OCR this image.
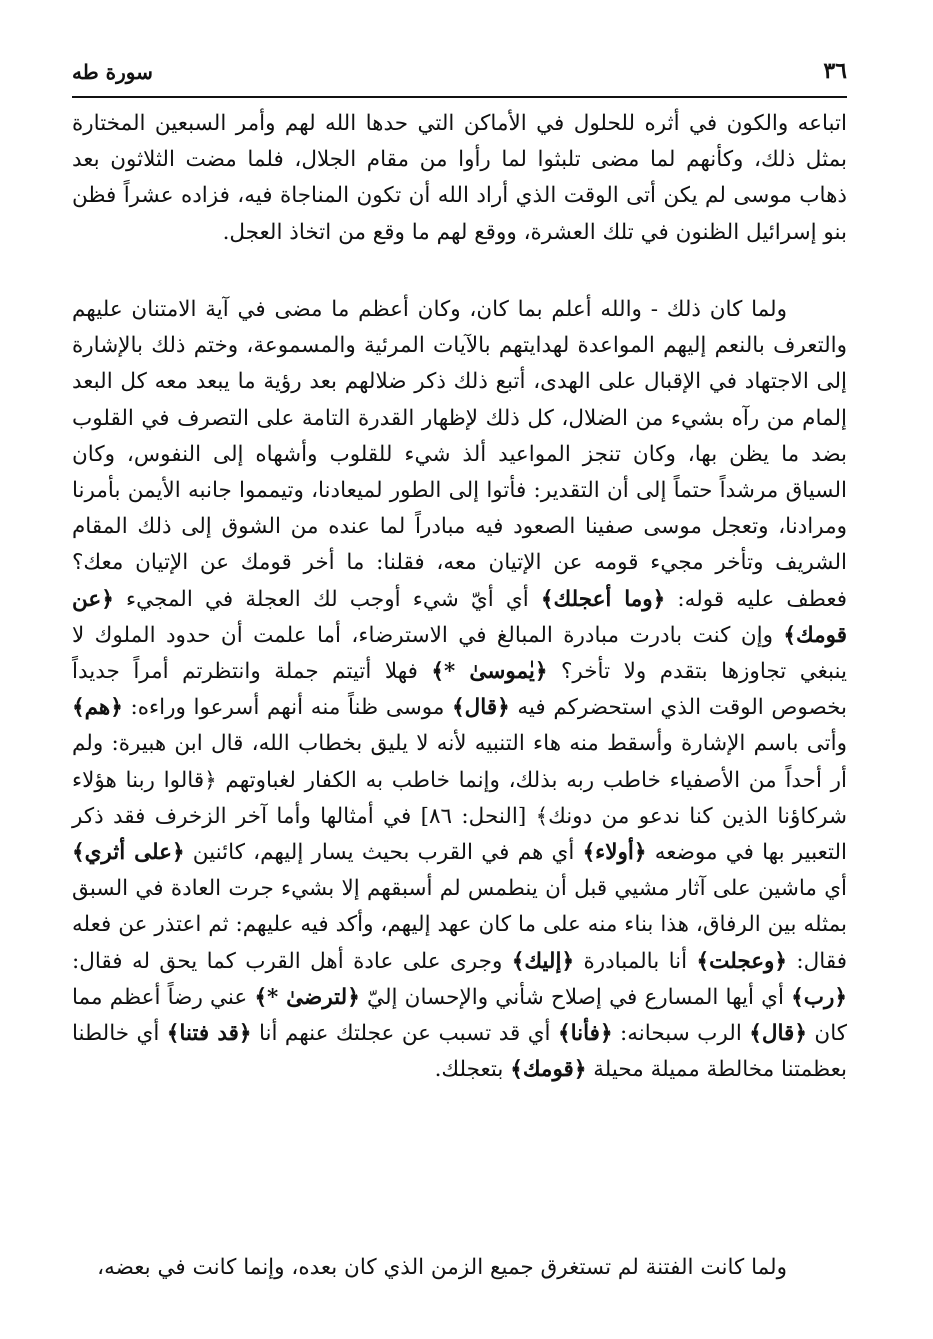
٣٦
سورة طه
اتباعه والكون في أثره للحلول في الأماكن التي حدها الله لهم وأمر السبعين المختارة بمثل ذلك، وكأنهم لما مضى تلبثوا لما رأوا من مقام الجلال، فلما مضت الثلاثون بعد ذهاب موسى لم يكن أتى الوقت الذي أراد الله أن تكون المناجاة فيه، فزاده عشراً فظن بنو إسرائيل الظنون في تلك العشرة، ووقع لهم ما وقع من اتخاذ العجل.
ولما كان ذلك - والله أعلم بما كان، وكان أعظم ما مضى في آية الامتنان عليهم والتعرف بالنعم إليهم المواعدة لهدايتهم بالآيات المرئية والمسموعة، وختم ذلك بالإشارة إلى الاجتهاد في الإقبال على الهدى، أتبع ذلك ذكر ضلالهم بعد رؤية ما يبعد معه كل البعد إلمام من رآه بشيء من الضلال، كل ذلك لإظهار القدرة التامة على التصرف في القلوب بضد ما يظن بها، وكان تنجز المواعيد ألذ شيء للقلوب وأشهاه إلى النفوس، وكان السياق مرشداً حتماً إلى أن التقدير: فأتوا إلى الطور لميعادنا، وتيمموا جانبه الأيمن بأمرنا ومرادنا، وتعجل موسى صفينا الصعود فيه مبادراً لما عنده من الشوق إلى ذلك المقام الشريف وتأخر مجيء قومه عن الإتيان معه، فقلنا: ما أخر قومك عن الإتيان معك؟ فعطف عليه قوله: ﴿وما أعجلك﴾ أي أيّ شيء أوجب لك العجلة في المجيء ﴿عن قومك﴾ وإن كنت بادرت مبادرة المبالغ في الاسترضاء، أما علمت أن حدود الملوك لا ينبغي تجاوزها بتقدم ولا تأخر؟ ﴿يٰموسىٰ *﴾ فهلا أتيتم جملة وانتظرتم أمراً جديداً بخصوص الوقت الذي استحضركم فيه ﴿قال﴾ موسى ظناً منه أنهم أسرعوا وراءه: ﴿هم﴾ وأتى باسم الإشارة وأسقط منه هاء التنبيه لأنه لا يليق بخطاب الله، قال ابن هبيرة: ولم أر أحداً من الأصفياء خاطب ربه بذلك، وإنما خاطب به الكفار لغباوتهم ﴿قالوا ربنا هؤلاء شركاؤنا الذين كنا ندعو من دونك﴾ [النحل: ٨٦] في أمثالها وأما آخر الزخرف فقد ذكر التعبير بها في موضعه ﴿أولاء﴾ أي هم في القرب بحيث يسار إليهم، كائنين ﴿على أثري﴾ أي ماشين على آثار مشيي قبل أن ينطمس لم أسبقهم إلا بشيء جرت العادة في السبق بمثله بين الرفاق، هذا بناء منه على ما كان عهد إليهم، وأكد فيه عليهم: ثم اعتذر عن فعله فقال: ﴿وعجلت﴾ أنا بالمبادرة ﴿إليك﴾ وجرى على عادة أهل القرب كما يحق له فقال: ﴿رب﴾ أي أيها المسارع في إصلاح شأني والإحسان إليّ ﴿لترضىٰ *﴾ عني رضاً أعظم مما كان ﴿قال﴾ الرب سبحانه: ﴿فأنا﴾ أي قد تسبب عن عجلتك عنهم أنا ﴿قد فتنا﴾ أي خالطنا بعظمتنا مخالطة مميلة محيلة ﴿قومك﴾ بتعجلك.
ولما كانت الفتنة لم تستغرق جميع الزمن الذي كان بعده، وإنما كانت في بعضه،
